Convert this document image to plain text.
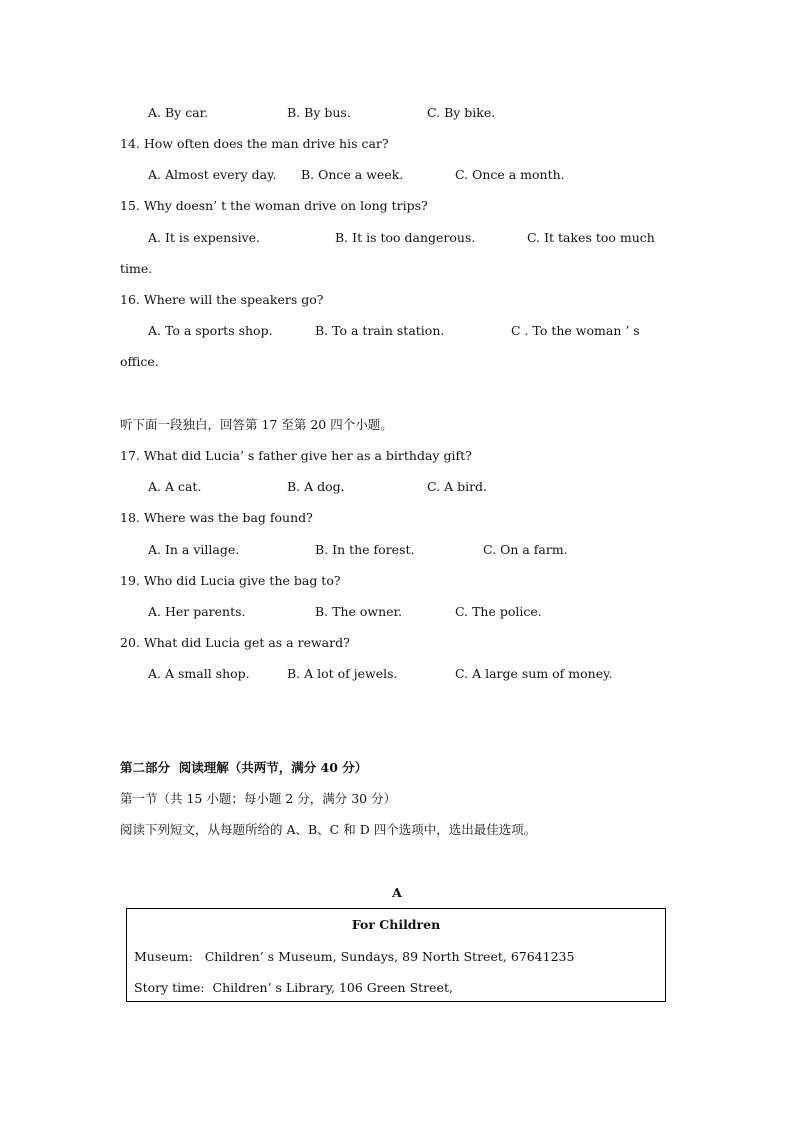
A. By car.	B. By bus.	C. By bike.
14. How often does the man drive his car?
A. Almost every day. B. Once a week.	C. Once a month.
15. Why doesn’ t the woman drive on long trips?
A. It is expensive.	B. It is too dangerous.	C. It takes too much
time.
16. Where will the speakers go?
A. To a sports shop.	B. To a train station.	C . To the woman ’ s
office.
听下面一段独白，回答第 17 至第 20 四个小题。
17. What did Lucia’ s father give her as a birthday gift?
A. A cat.	B. A dog.	C. A bird.
18. Where was the bag found?
A. In a village.	B. In the forest.	C. On a farm.
19. Who did Lucia give the bag to?
A. Her parents.	B. The owner.	C. The police.
20. What did Lucia get as a reward?
A. A small shop.	B. A lot of jewels.	C. A large sum of money.
第二部分  阅读理解（共两节，满分 40 分）
第一节（共 15 小题；每小题 2 分，满分 30 分）
阅读下列短文，从每题所给的 A、B、C 和 D 四个选项中，选出最佳选项。
A
For Children
Museum:   Children’ s Museum, Sundays, 89 North Street, 67641235
Story time:  Children’ s Library, 106 Green Street,
